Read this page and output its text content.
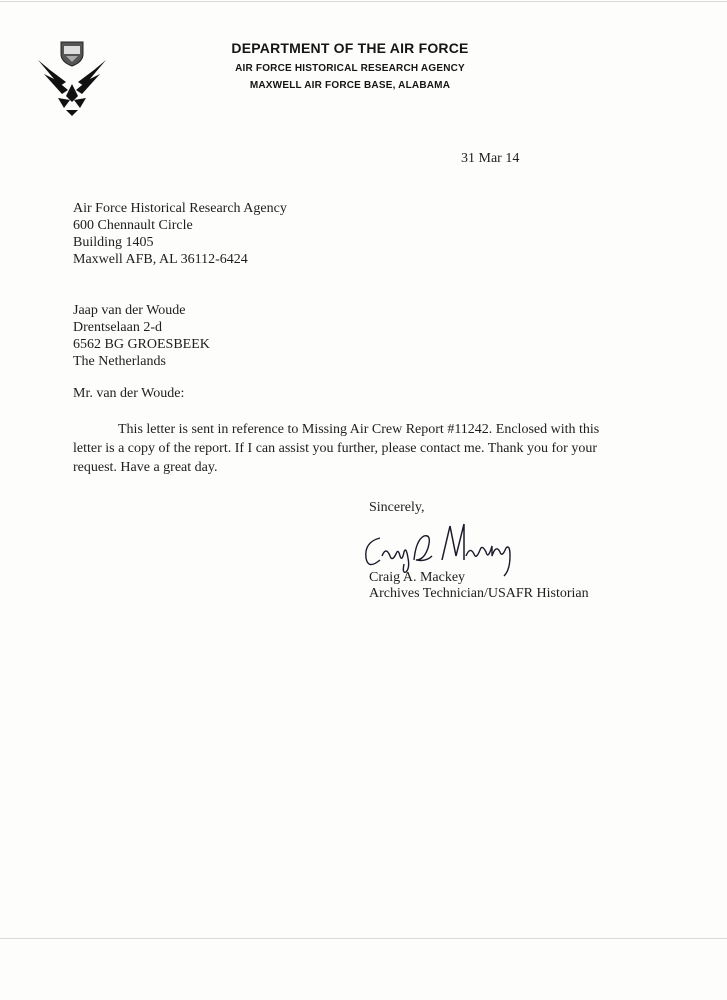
DEPARTMENT OF THE AIR FORCE
AIR FORCE HISTORICAL RESEARCH AGENCY
MAXWELL AIR FORCE BASE, ALABAMA
31 Mar 14
Air Force Historical Research Agency
600 Chennault Circle
Building 1405
Maxwell AFB, AL 36112-6424
Jaap van der Woude
Drentselaan 2-d
6562 BG GROESBEEK
The Netherlands
Mr. van der Woude:
This letter is sent in reference to Missing Air Crew Report #11242. Enclosed with this letter is a copy of the report. If I can assist you further, please contact me. Thank you for your request. Have a great day.
Sincerely,
Craig A. Mackey
Archives Technician/USAFR Historian
